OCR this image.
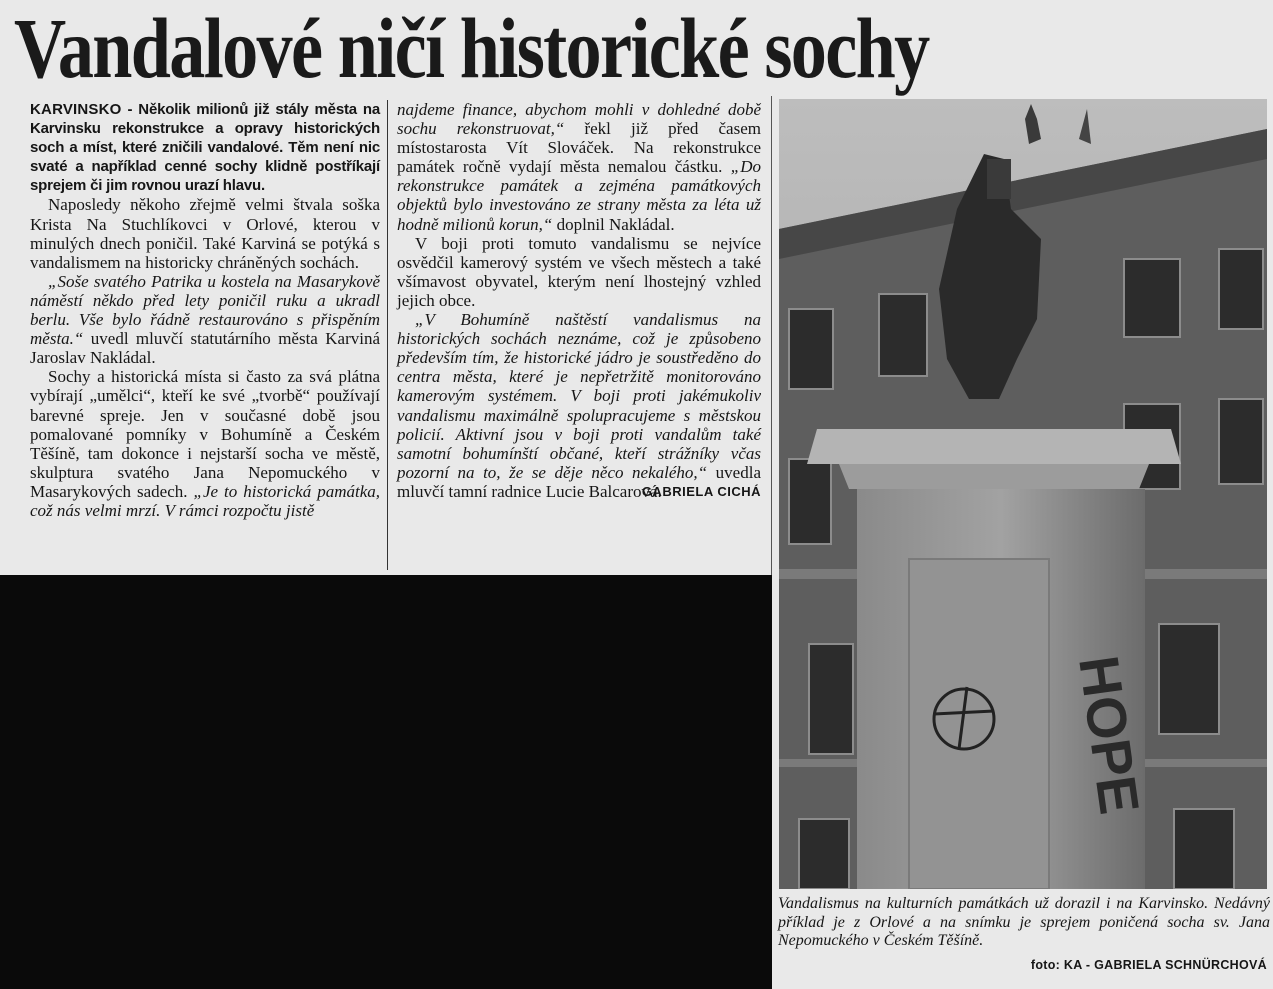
Vandalové ničí historické sochy

KARVINSKO - Několik milionů již stály města na Karvinsku rekonstrukce a opravy historických soch a míst, které zničili vandalové. Těm není nic svaté a například cenné sochy klidně postříkají sprejem či jim rovnou urazí hlavu.

Naposledy někoho zřejmě velmi štvala soška Krista Na Stuchlíkovci v Orlové, kterou v minulých dnech poničil. Také Karviná se potýká s vandalismem na historicky chráněných sochách.

„Soše svatého Patrika u kostela na Masarykově náměstí někdo před lety poničil ruku a ukradl berlu. Vše bylo řádně restaurováno s přispěním města.“ uvedl mluvčí statutárního města Karviná Jaroslav Nakládal.

Sochy a historická místa si často za svá plátna vybírají „umělci“, kteří ke své „tvorbě“ používají barevné spreje. Jen v současné době jsou pomalované pomníky v Bohumíně a Českém Těšíně, tam dokonce i nejstarší socha ve městě, skulptura svatého Jana Nepomuckého v Masarykových sadech. „Je to historická památka, což nás velmi mrzí. V rámci rozpočtu jistě

najdeme finance, abychom mohli v dohledné době sochu rekonstruovat,“ řekl již před časem místostarosta Vít Slováček. Na rekonstrukce památek ročně vydají města nemalou částku. „Do rekonstrukce památek a zejména památkových objektů bylo investováno ze strany města za léta už hodně milionů korun,“ doplnil Nakládal.

V boji proti tomuto vandalismu se nejvíce osvědčil kamerový systém ve všech městech a také všímavost obyvatel, kterým není lhostejný vzhled jejich obce.

„V Bohumíně naštěstí vandalismus na historických sochách neznáme, což je způsobeno především tím, že historické jádro je soustředěno do centra města, které je nepřetržitě monitorováno kamerovým systémem. V boji proti jakémukoliv vandalismu maximálně spolupracujeme s městskou policií. Aktivní jsou v boji proti vandalům také samotní bohumínští občané, kteří strážníky včas pozorní na to, že se děje něco nekalého,“ uvedla mluvčí tamní radnice Lucie Balcarová.

GABRIELA CICHÁ
HOPE
Vandalismus na kulturních památkách už dorazil i na Karvinsko. Nedávný příklad je z Orlové a na snímku je sprejem poničená socha sv. Jana Nepomuckého v Českém Těšíně.
foto: KA - GABRIELA SCHNÜRCHOVÁ
